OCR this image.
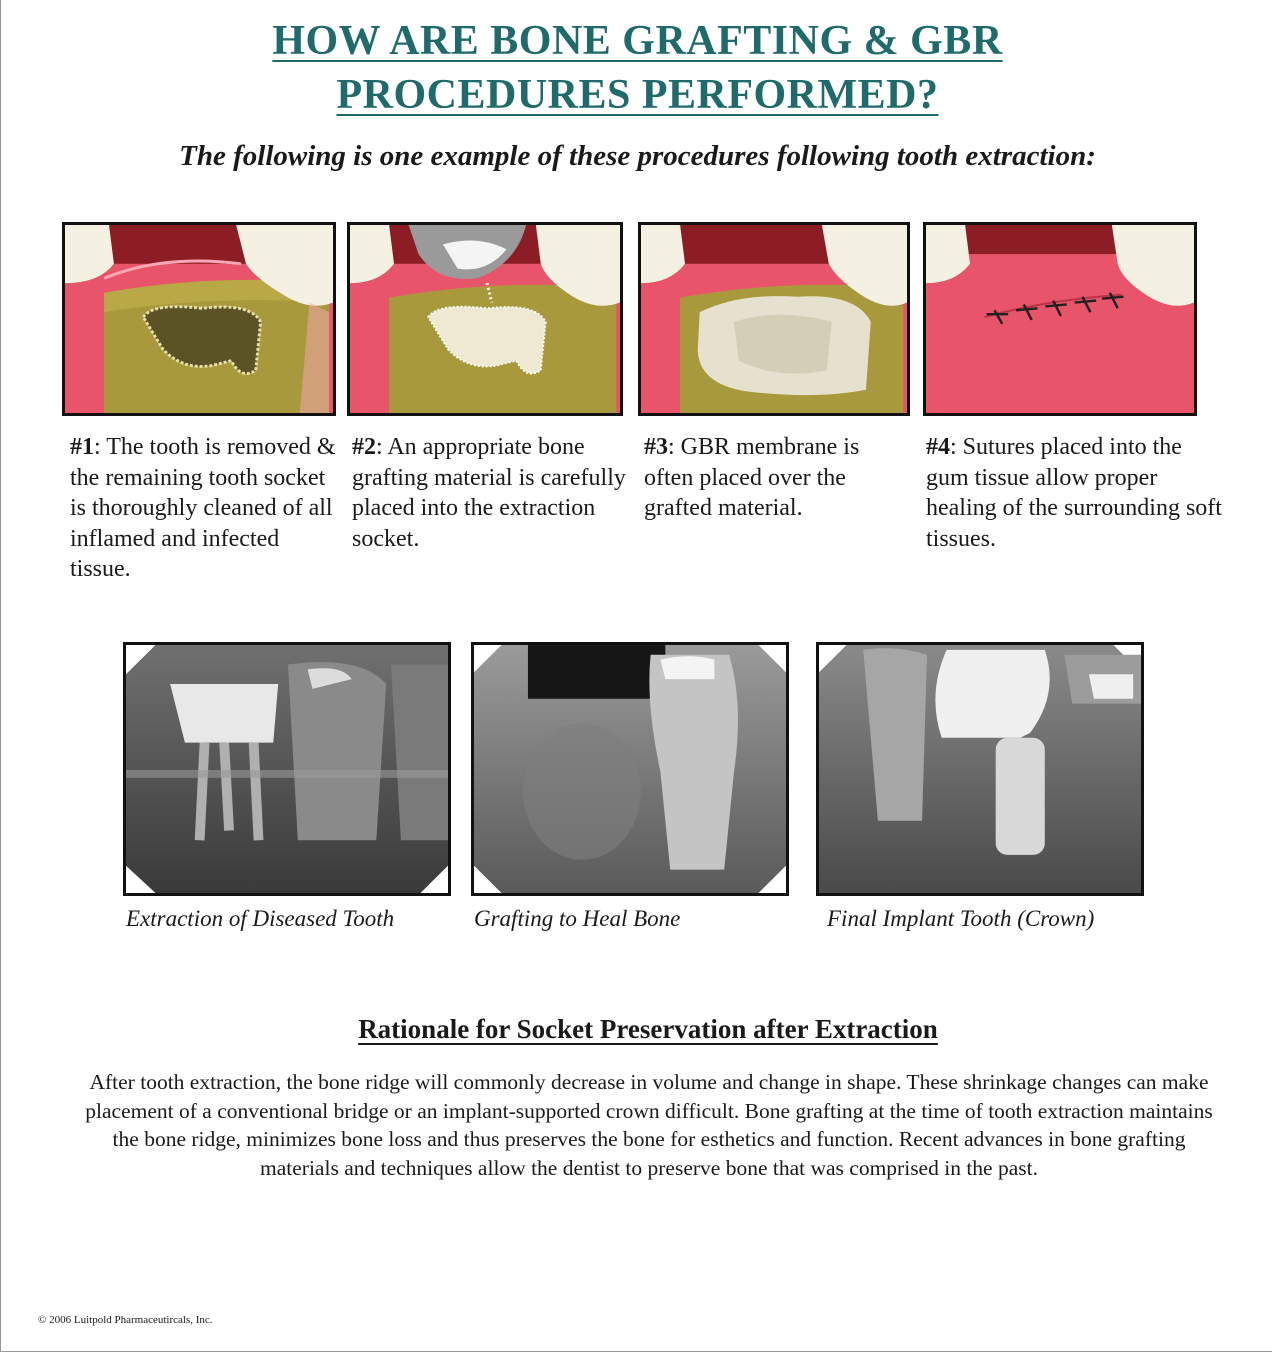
HOW ARE BONE GRAFTING & GBR
PROCEDURES PERFORMED?

The following is one example of these procedures following tooth extraction:

#1: The tooth is removed & the remaining tooth socket is thoroughly cleaned of all inflamed and infected tissue.

#2: An appropriate bone grafting material is carefully placed into the extraction socket.

#3: GBR membrane is often placed over the grafted material.

#4: Sutures placed into the gum tissue allow proper healing of the surrounding soft tissues.

Extraction of Diseased Tooth	Grafting to Heal Bone	Final Implant Tooth (Crown)

Rationale for Socket Preservation after Extraction

After tooth extraction, the bone ridge will commonly decrease in volume and change in shape. These shrinkage changes can make placement of a conventional bridge or an implant-supported crown difficult. Bone grafting at the time of tooth extraction maintains the bone ridge, minimizes bone loss and thus preserves the bone for esthetics and function. Recent advances in bone grafting materials and techniques allow the dentist to preserve bone that was comprised in the past.

© 2006 Luitpold Pharmaceutircals, Inc.
